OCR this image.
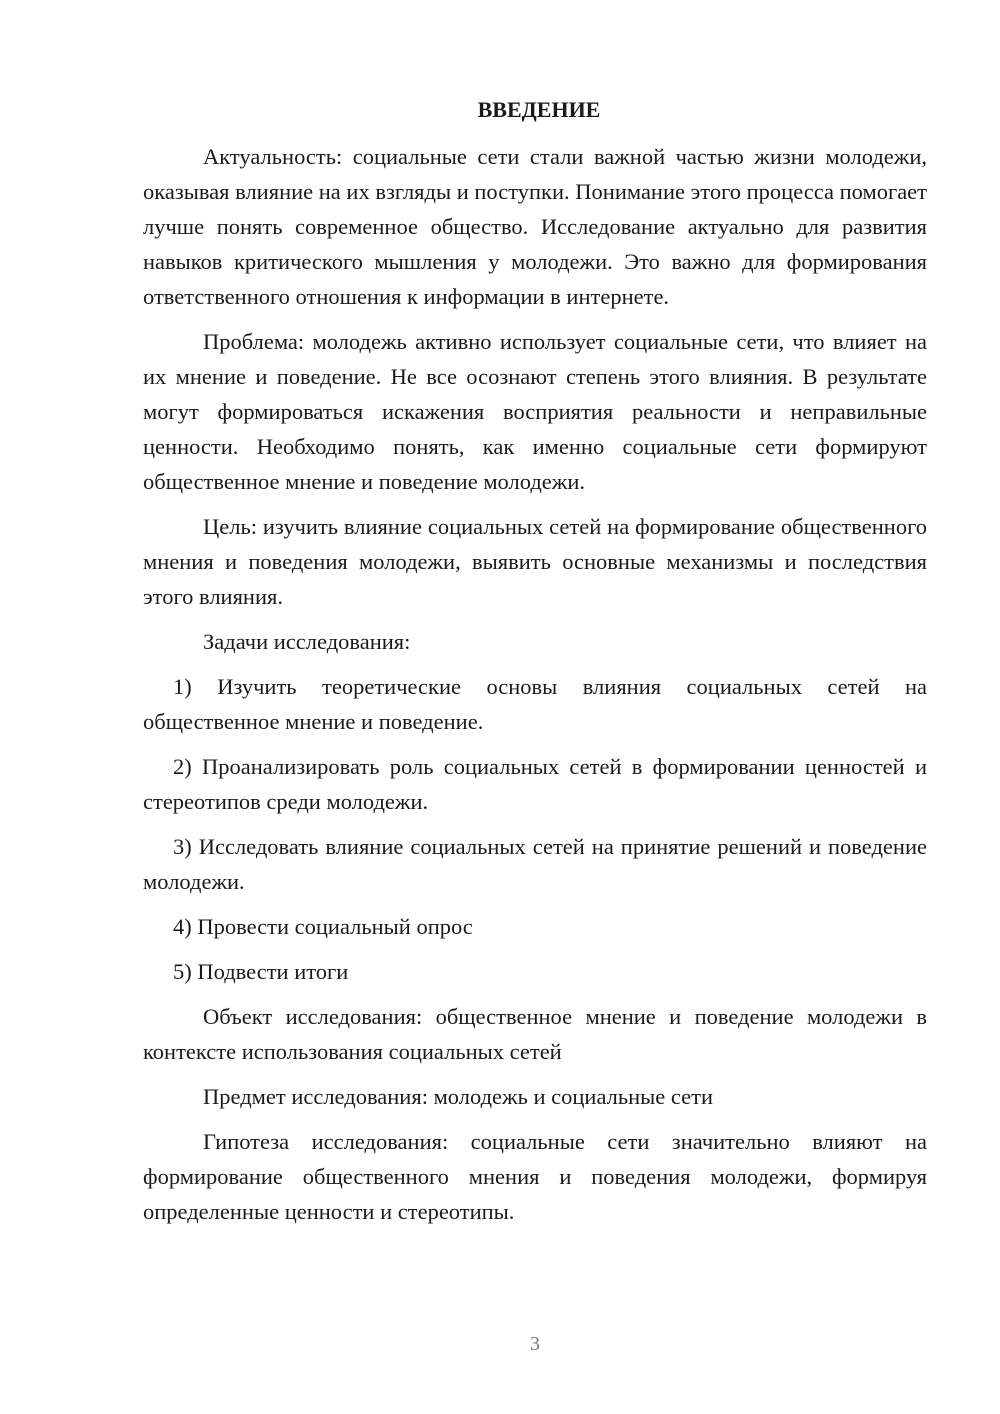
ВВЕДЕНИЕ

Актуальность: социальные сети стали важной частью жизни молодежи, оказывая влияние на их взгляды и поступки. Понимание этого процесса помогает лучше понять современное общество. Исследование актуально для развития навыков критического мышления у молодежи. Это важно для формирования ответственного отношения к информации в интернете.

Проблема: молодежь активно использует социальные сети, что влияет на их мнение и поведение. Не все осознают степень этого влияния. В результате могут формироваться искажения восприятия реальности и неправильные ценности. Необходимо понять, как именно социальные сети формируют общественное мнение и поведение молодежи.

Цель: изучить влияние социальных сетей на формирование общественного мнения и поведения молодежи, выявить основные механизмы и последствия этого влияния.

Задачи исследования:

1) Изучить теоретические основы влияния социальных сетей на общественное мнение и поведение.

2) Проанализировать роль социальных сетей в формировании ценностей и стереотипов среди молодежи.

3) Исследовать влияние социальных сетей на принятие решений и поведение молодежи.

4) Провести социальный опрос

5) Подвести итоги

Объект исследования: общественное мнение и поведение молодежи в контексте использования социальных сетей

Предмет исследования: молодежь и социальные сети

Гипотеза исследования: социальные сети значительно влияют на формирование общественного мнения и поведения молодежи, формируя определенные ценности и стереотипы.

3
